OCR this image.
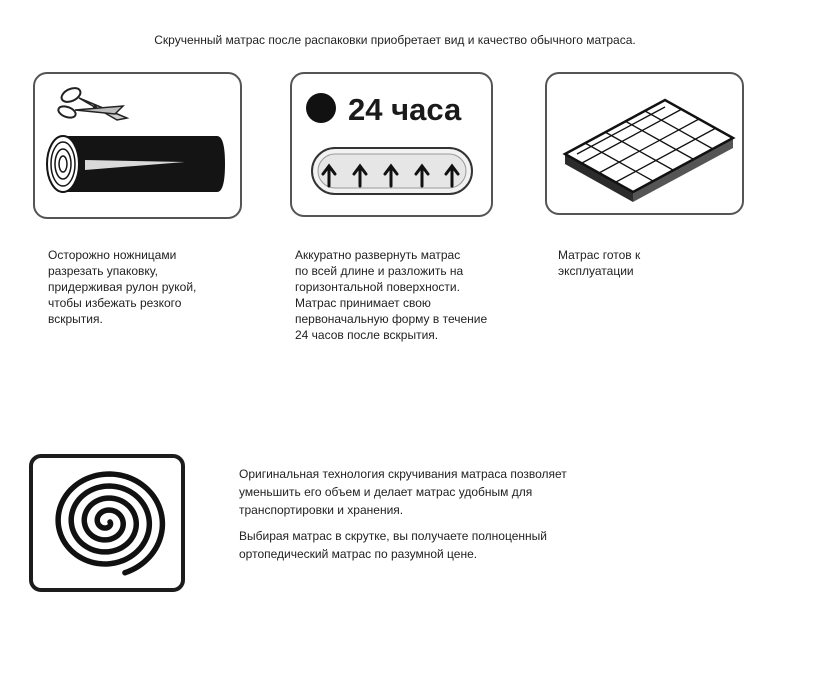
Скрученный матрас после распаковки приобретает вид и качество обычного матраса.
24 часа
Осторожно ножницами
разрезать упаковку,
придерживая рулон рукой,
чтобы избежать резкого
вскрытия.
Аккуратно развернуть матрас
по всей длине и разложить на
горизонтальной поверхности.
Матрас принимает свою
первоначальную форму в течение
24 часов после вскрытия.
Матрас готов к
эксплуатации
Оригинальная технология скручивания матраса позволяет
уменьшить его объем и делает матрас удобным для
транспортировки и хранения.
Выбирая матрас в скрутке, вы получаете полноценный
ортопедический матрас по разумной цене.
